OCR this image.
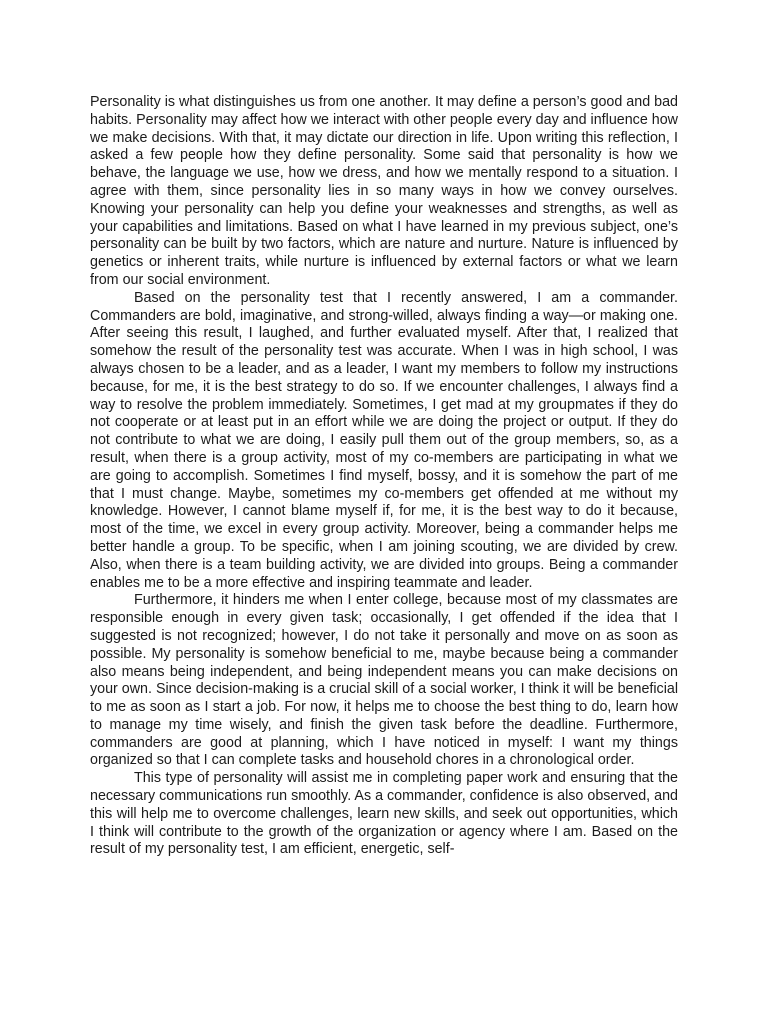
Personality is what distinguishes us from one another. It may define a person’s good and bad habits. Personality may affect how we interact with other people every day and influence how we make decisions. With that, it may dictate our direction in life. Upon writing this reflection, I asked a few people how they define personality. Some said that personality is how we behave, the language we use, how we dress, and how we mentally respond to a situation. I agree with them, since personality lies in so many ways in how we convey ourselves. Knowing your personality can help you define your weaknesses and strengths, as well as your capabilities and limitations. Based on what I have learned in my previous subject, one’s personality can be built by two factors, which are nature and nurture. Nature is influenced by genetics or inherent traits, while nurture is influenced by external factors or what we learn from our social environment.

Based on the personality test that I recently answered, I am a commander. Commanders are bold, imaginative, and strong-willed, always finding a way—or making one. After seeing this result, I laughed, and further evaluated myself. After that, I realized that somehow the result of the personality test was accurate. When I was in high school, I was always chosen to be a leader, and as a leader, I want my members to follow my instructions because, for me, it is the best strategy to do so. If we encounter challenges, I always find a way to resolve the problem immediately. Sometimes, I get mad at my groupmates if they do not cooperate or at least put in an effort while we are doing the project or output. If they do not contribute to what we are doing, I easily pull them out of the group members, so, as a result, when there is a group activity, most of my co-members are participating in what we are going to accomplish. Sometimes I find myself, bossy, and it is somehow the part of me that I must change. Maybe, sometimes my co-members get offended at me without my knowledge. However, I cannot blame myself if, for me, it is the best way to do it because, most of the time, we excel in every group activity. Moreover, being a commander helps me better handle a group. To be specific, when I am joining scouting, we are divided by crew. Also, when there is a team building activity, we are divided into groups. Being a commander enables me to be a more effective and inspiring teammate and leader.

Furthermore, it hinders me when I enter college, because most of my classmates are responsible enough in every given task; occasionally, I get offended if the idea that I suggested is not recognized; however, I do not take it personally and move on as soon as possible. My personality is somehow beneficial to me, maybe because being a commander also means being independent, and being independent means you can make decisions on your own. Since decision-making is a crucial skill of a social worker, I think it will be beneficial to me as soon as I start a job. For now, it helps me to choose the best thing to do, learn how to manage my time wisely, and finish the given task before the deadline. Furthermore, commanders are good at planning, which I have noticed in myself: I want my things organized so that I can complete tasks and household chores in a chronological order.

This type of personality will assist me in completing paper work and ensuring that the necessary communications run smoothly. As a commander, confidence is also observed, and this will help me to overcome challenges, learn new skills, and seek out opportunities, which I think will contribute to the growth of the organization or agency where I am. Based on the result of my personality test, I am efficient, energetic, self-
